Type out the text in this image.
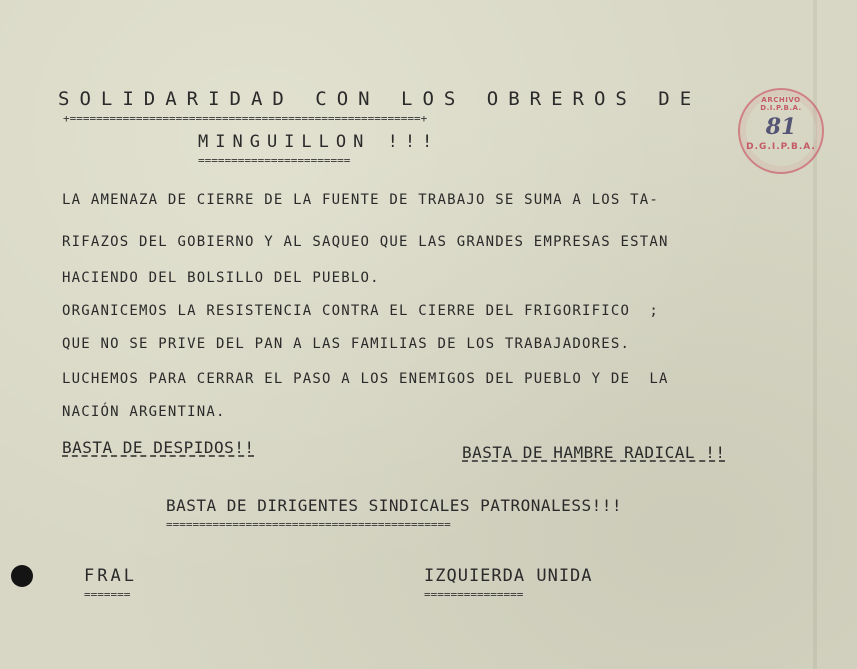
SOLIDARIDAD CON LOS OBREROS DE
+=====================================================+
MINGUILLON !!!
=======================
LA AMENAZA DE CIERRE DE LA FUENTE DE TRABAJO SE SUMA A LOS TA-
RIFAZOS DEL GOBIERNO Y AL SAQUEO QUE LAS GRANDES EMPRESAS ESTAN
HACIENDO DEL BOLSILLO DEL PUEBLO.
ORGANICEMOS LA RESISTENCIA CONTRA EL CIERRE DEL FRIGORIFICO  ;
QUE NO SE PRIVE DEL PAN A LAS FAMILIAS DE LOS TRABAJADORES.
LUCHEMOS PARA CERRAR EL PASO A LOS ENEMIGOS DEL PUEBLO Y DE  LA
NACIÓN ARGENTINA.
BASTA DE DESPIDOS!!	BASTA DE HAMBRE RADICAL !!
BASTA DE DIRIGENTES SINDICALES PATRONALESS!!!
===========================================
FRAL
=======
IZQUIERDA UNIDA
===============
ARCHIVO D.I.P.B.A.
81
D.G.I.P.B.A.
